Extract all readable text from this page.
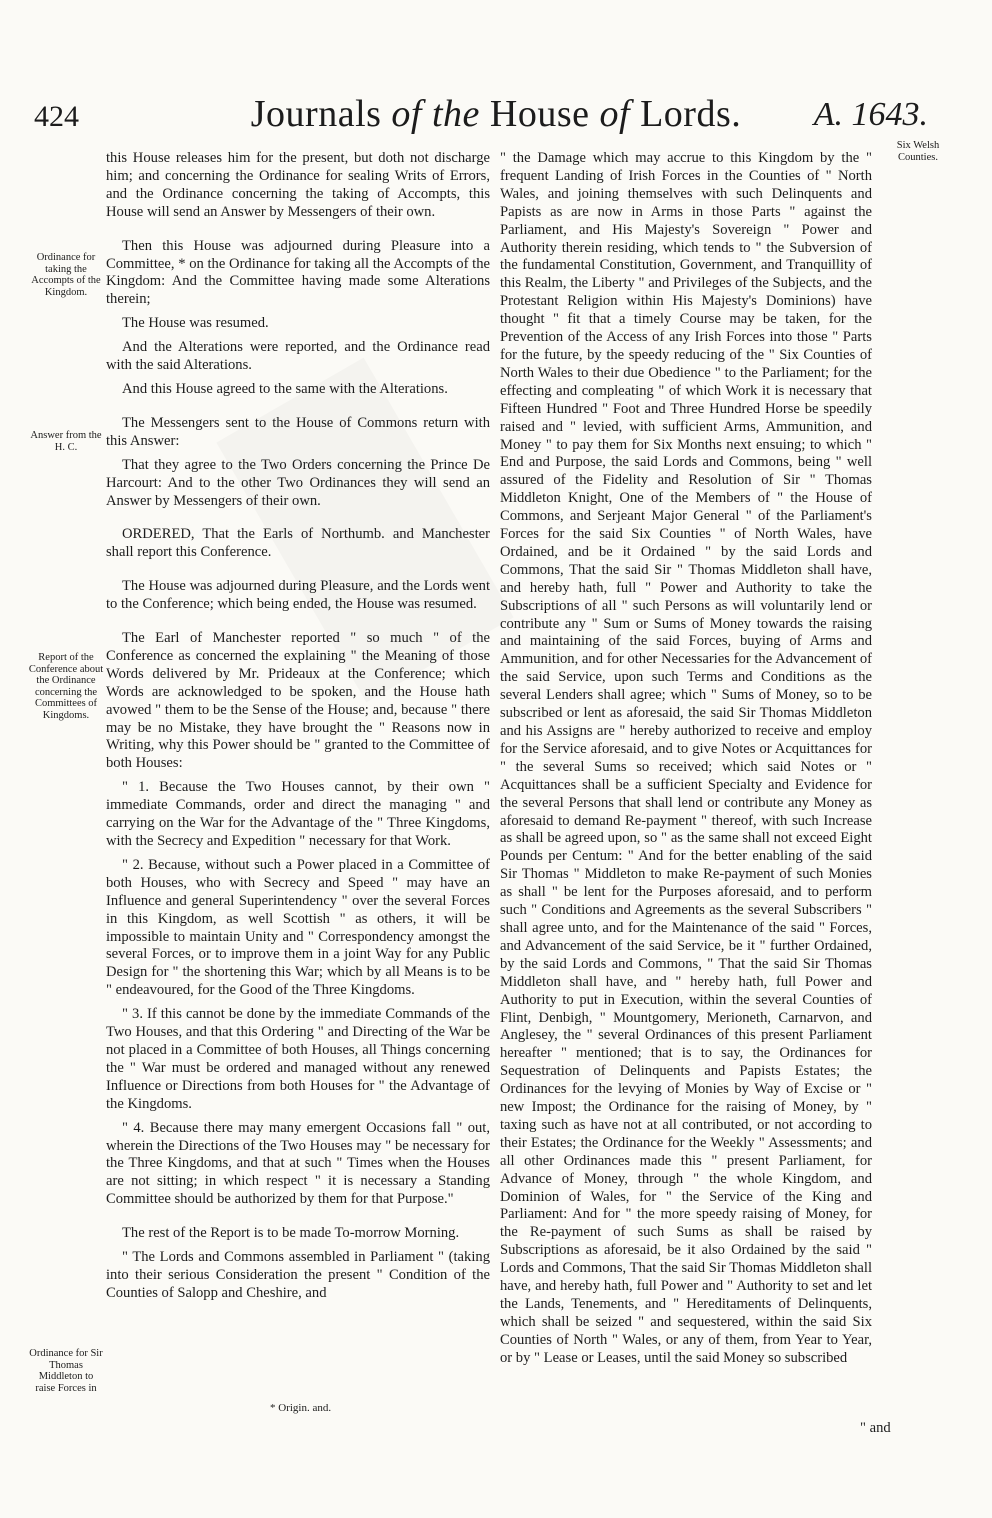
424	Journals of the House of Lords.	A. 1643.
Ordinance for taking the Accompts of the Kingdom.
Answer from the H. C.
Report of the Conference about the Ordinance concerning the Committees of Kingdoms.
Ordinance for Sir Thomas Middleton to raise Forces in
Six Welsh Counties.

this House releases him for the present, but doth not discharge him; and concerning the Ordinance for sealing Writs of Errors, and the Ordinance concerning the taking of Accompts, this House will send an Answer by Messengers of their own.

Then this House was adjourned during Pleasure into a Committee, * on the Ordinance for taking all the Accompts of the Kingdom: And the Committee having made some Alterations therein;

The House was resumed.

And the Alterations were reported, and the Ordinance read with the said Alterations.

And this House agreed to the same with the Alterations.

The Messengers sent to the House of Commons return with this Answer:

That they agree to the Two Orders concerning the Prince De Harcourt: And to the other Two Ordinances they will send an Answer by Messengers of their own.

ORDERED, That the Earls of Northumb. and Manchester shall report this Conference.

The House was adjourned during Pleasure, and the Lords went to the Conference; which being ended, the House was resumed.

The Earl of Manchester reported " so much " of the Conference as concerned the explaining " the Meaning of those Words delivered by Mr. Prideaux at the Conference; which Words are acknowledged to be spoken, and the House hath avowed " them to be the Sense of the House; and, because " there may be no Mistake, they have brought the " Reasons now in Writing, why this Power should be " granted to the Committee of both Houses:

" 1. Because the Two Houses cannot, by their own " immediate Commands, order and direct the managing " and carrying on the War for the Advantage of the " Three Kingdoms, with the Secrecy and Expedition " necessary for that Work.

" 2. Because, without such a Power placed in a Committee of both Houses, who with Secrecy and Speed " may have an Influence and general Superintendency " over the several Forces in this Kingdom, as well Scottish " as others, it will be impossible to maintain Unity and " Correspondency amongst the several Forces, or to improve them in a joint Way for any Public Design for " the shortening this War; which by all Means is to be " endeavoured, for the Good of the Three Kingdoms.

" 3. If this cannot be done by the immediate Commands of the Two Houses, and that this Ordering " and Directing of the War be not placed in a Committee of both Houses, all Things concerning the " War must be ordered and managed without any renewed Influence or Directions from both Houses for " the Advantage of the Kingdoms.

" 4. Because there may many emergent Occasions fall " out, wherein the Directions of the Two Houses may " be necessary for the Three Kingdoms, and that at such " Times when the Houses are not sitting; in which respect " it is necessary a Standing Committee should be authorized by them for that Purpose."

The rest of the Report is to be made To-morrow Morning.

" The Lords and Commons assembled in Parliament " (taking into their serious Consideration the present " Condition of the Counties of Salopp and Cheshire, and

" the Damage which may accrue to this Kingdom by the " frequent Landing of Irish Forces in the Counties of " North Wales, and joining themselves with such Delinquents and Papists as are now in Arms in those Parts " against the Parliament, and His Majesty's Sovereign " Power and Authority therein residing, which tends to " the Subversion of the fundamental Constitution, Government, and Tranquillity of this Realm, the Liberty " and Privileges of the Subjects, and the Protestant Religion within His Majesty's Dominions) have thought " fit that a timely Course may be taken, for the Prevention of the Access of any Irish Forces into those " Parts for the future, by the speedy reducing of the " Six Counties of North Wales to their due Obedience " to the Parliament; for the effecting and compleating " of which Work it is necessary that Fifteen Hundred " Foot and Three Hundred Horse be speedily raised and " levied, with sufficient Arms, Ammunition, and Money " to pay them for Six Months next ensuing; to which " End and Purpose, the said Lords and Commons, being " well assured of the Fidelity and Resolution of Sir " Thomas Middleton Knight, One of the Members of " the House of Commons, and Serjeant Major General " of the Parliament's Forces for the said Six Counties " of North Wales, have Ordained, and be it Ordained " by the said Lords and Commons, That the said Sir " Thomas Middleton shall have, and hereby hath, full " Power and Authority to take the Subscriptions of all " such Persons as will voluntarily lend or contribute any " Sum or Sums of Money towards the raising and maintaining of the said Forces, buying of Arms and Ammunition, and for other Necessaries for the Advancement of the said Service, upon such Terms and Conditions as the several Lenders shall agree; which " Sums of Money, so to be subscribed or lent as aforesaid, the said Sir Thomas Middleton and his Assigns are " hereby authorized to receive and employ for the Service aforesaid, and to give Notes or Acquittances for " the several Sums so received; which said Notes or " Acquittances shall be a sufficient Specialty and Evidence for the several Persons that shall lend or contribute any Money as aforesaid to demand Re-payment " thereof, with such Increase as shall be agreed upon, so " as the same shall not exceed Eight Pounds per Centum: " And for the better enabling of the said Sir Thomas " Middleton to make Re-payment of such Monies as shall " be lent for the Purposes aforesaid, and to perform such " Conditions and Agreements as the several Subscribers " shall agree unto, and for the Maintenance of the said " Forces, and Advancement of the said Service, be it " further Ordained, by the said Lords and Commons, " That the said Sir Thomas Middleton shall have, and " hereby hath, full Power and Authority to put in Execution, within the several Counties of Flint, Denbigh, " Mountgomery, Merioneth, Carnarvon, and Anglesey, the " several Ordinances of this present Parliament hereafter " mentioned; that is to say, the Ordinances for Sequestration of Delinquents and Papists Estates; the Ordinances for the levying of Monies by Way of Excise or " new Impost; the Ordinance for the raising of Money, by " taxing such as have not at all contributed, or not according to their Estates; the Ordinance for the Weekly " Assessments; and all other Ordinances made this " present Parliament, for Advance of Money, through " the whole Kingdom, and Dominion of Wales, for " the Service of the King and Parliament: And for " the more speedy raising of Money, for the Re-payment of such Sums as shall be raised by Subscriptions as aforesaid, be it also Ordained by the said " Lords and Commons, That the said Sir Thomas Middleton shall have, and hereby hath, full Power and " Authority to set and let the Lands, Tenements, and " Hereditaments of Delinquents, which shall be seized " and sequestered, within the said Six Counties of North " Wales, or any of them, from Year to Year, or by " Lease or Leases, until the said Money so subscribed

* Origin. and.
" and
